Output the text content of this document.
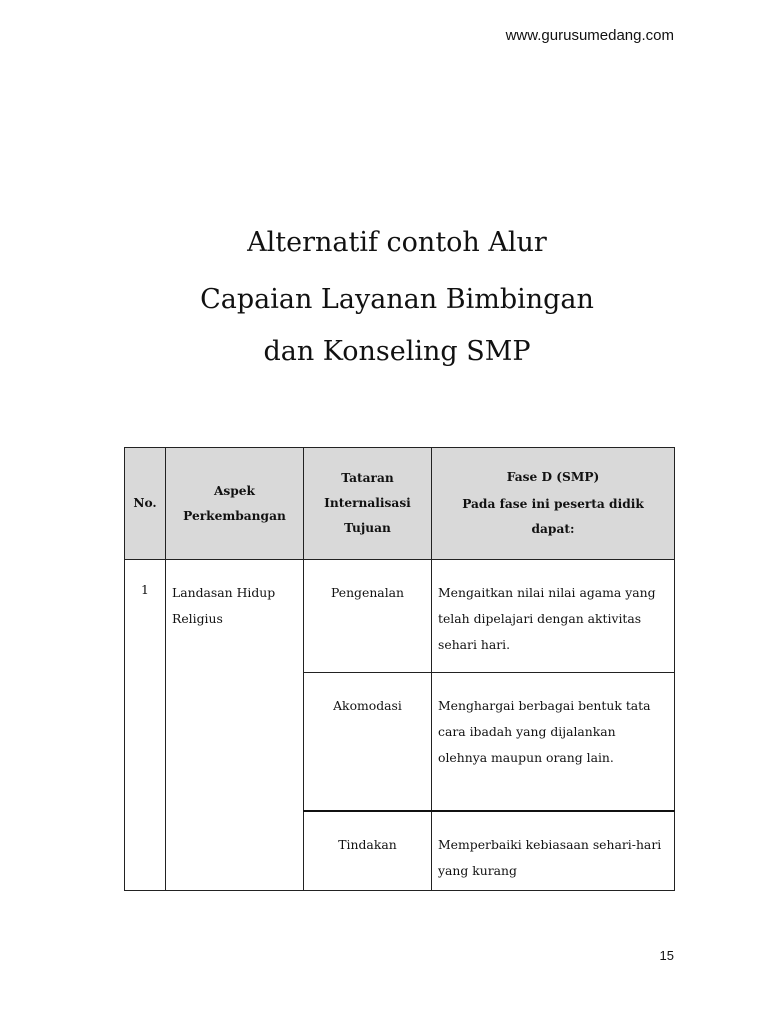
www.gurusumedang.com
Alternatif contoh Alur
Capaian Layanan Bimbingan
dan Konseling SMP
No.	Aspek Perkembangan	Tataran Internalisasi Tujuan	Fase D (SMP)
Pada fase ini peserta didik dapat:
1	Landasan Hidup Religius	Pengenalan	Mengaitkan nilai nilai agama yang telah dipelajari dengan aktivitas sehari hari.
		Akomodasi	Menghargai berbagai bentuk tata cara ibadah yang dijalankan olehnya maupun orang lain.
		Tindakan	Memperbaiki kebiasaan sehari-hari yang kurang
15
